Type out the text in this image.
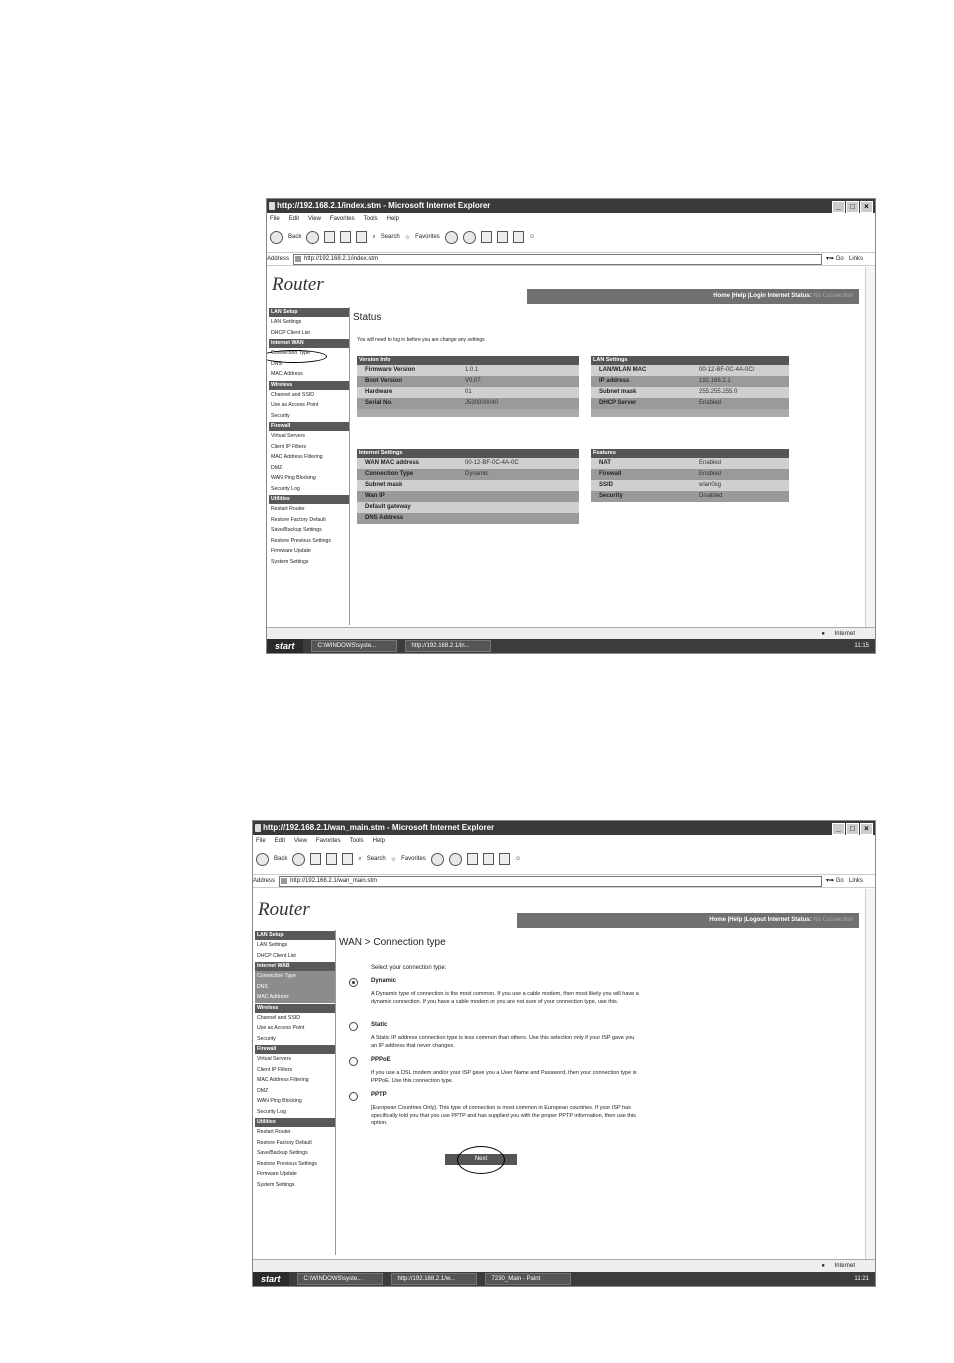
http://192.168.2.1/index.stm - Microsoft Internet Explorer	_	□	×
File Edit View Favorites Tools Help
Back	⌕ Search ☆ Favorites	☺
Address	http://192.168.2.1/index.stm	▾ ➡ Go Links
Router
Home |Help |Login Internet Status: No Connection
LAN Setup
LAN Settings
DHCP Client List
Internet WAN
Connection Type
DNS
MAC Address
Wireless
Channel and SSID
Use as Access Point
Security
Firewall
Virtual Servers
Client IP Filters
MAC Address Filtering
DMZ
WAN Ping Blocking
Security Log
Utilities
Restart Router
Restore Factory Default
Save/Backup Settings
Restore Previous Settings
Firmware Update
System Settings
Status
You will need to log in before you are change any settings
Version Info
Firmware Version	1.0.1
Boot Version	V0.07
Hardware	01
Serial No.	J530000040
LAN Settings
LAN/WLAN MAC	00-12-BF-0C-4A-0C/
IP address	192.168.2.1
Subnet mask	255.255.255.0
DHCP Server	Enabled
Internet Settings
WAN MAC address	00-12-BF-0C-4A-0C
Connection Type	Dynamic
Subnet mask
Wan IP
Default gateway
DNS Address
Features
NAT	Enabled
Firewall	Enabled
SSID	wlan0xg
Security	Disabled
● Internet
start	C:\WINDOWS\syste...	http://192.168.2.1/in...	11:15
http://192.168.2.1/wan_main.stm - Microsoft Internet Explorer	_	□	×
File Edit View Favorites Tools Help
Back	⌕ Search ☆ Favorites	☺
Address	http://192.168.2.1/wan_main.stm	▾ ➡ Go Links
Router	Home |Help |Logout Internet Status: No Connection
LAN Setup
LAN Settings
DHCP Client List
Internet WAB
Connection Type
DNS
MAC Address
Wireless
Channel and SSID
Use as Access Point
Security
Firewall
Virtual Servers
Client IP Filters
MAC Address Filtering
DMZ
WAN Ping Blocking
Security Log
Utilities
Restart Router
Restore Factory Default
Save/Backup Settings
Restore Previous Settings
Firmware Update
System Settings
WAN > Connection type
Select your connection type:
Dynamic
A Dynamic type of connection is the most common. If you use a cable modem, then most likely you will have a dynamic connection. If you have a cable modem or you are not sure of your connection type, use this.
Static
A Static IP address connection type is less common than others. Use this selection only if your ISP gave you an IP address that never changes.
PPPoE
If you use a DSL modem and/or your ISP gave you a User Name and Password, then your connection type is PPPoE. Use this connection type.
PPTP
[European Countries Only]. This type of connection is most common in European countries. If your ISP has specifically told you that you use PPTP and has supplied you with the proper PPTP information, then use this option.
Next
● Internet
start	C:\WINDOWS\syste...	http://192.168.2.1/w...	7230_Main - Paint	11:21
